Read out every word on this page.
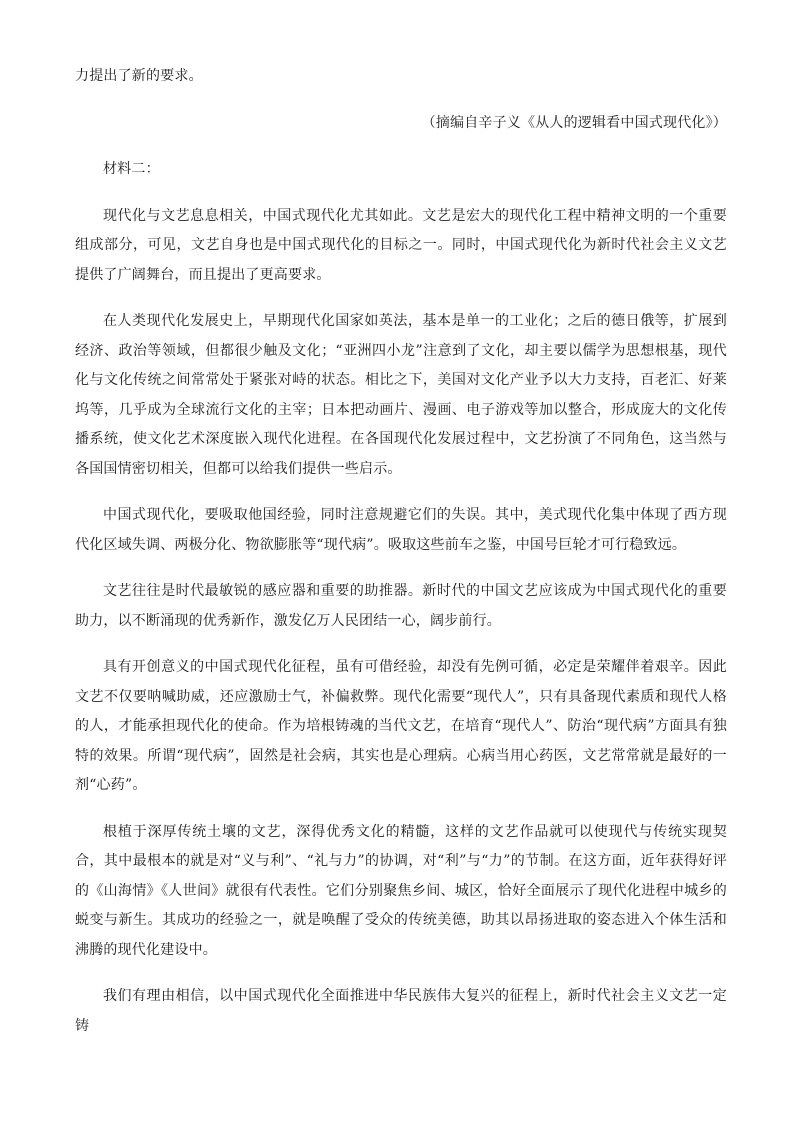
力提出了新的要求。

（摘编自辛子义《从人的逻辑看中国式现代化》）

材料二：

现代化与文艺息息相关，中国式现代化尤其如此。文艺是宏大的现代化工程中精神文明的一个重要组成部分，可见，文艺自身也是中国式现代化的目标之一。同时，中国式现代化为新时代社会主义文艺提供了广阔舞台，而且提出了更高要求。

在人类现代化发展史上，早期现代化国家如英法，基本是单一的工业化；之后的德日俄等，扩展到经济、政治等领域，但都很少触及文化；“亚洲四小龙”注意到了文化，却主要以儒学为思想根基，现代化与文化传统之间常常处于紧张对峙的状态。相比之下，美国对文化产业予以大力支持，百老汇、好莱坞等，几乎成为全球流行文化的主宰；日本把动画片、漫画、电子游戏等加以整合，形成庞大的文化传播系统，使文化艺术深度嵌入现代化进程。在各国现代化发展过程中，文艺扮演了不同角色，这当然与各国国情密切相关，但都可以给我们提供一些启示。

中国式现代化，要吸取他国经验，同时注意规避它们的失误。其中，美式现代化集中体现了西方现代化区域失调、两极分化、物欲膨胀等“现代病”。吸取这些前车之鉴，中国号巨轮才可行稳致远。

文艺往往是时代最敏锐的感应器和重要的助推器。新时代的中国文艺应该成为中国式现代化的重要助力，以不断涌现的优秀新作，激发亿万人民团结一心，阔步前行。

具有开创意义的中国式现代化征程，虽有可借经验，却没有先例可循，必定是荣耀伴着艰辛。因此文艺不仅要呐喊助威，还应激励士气，补偏救弊。现代化需要“现代人”，只有具备现代素质和现代人格的人，才能承担现代化的使命。作为培根铸魂的当代文艺，在培育“现代人”、防治“现代病”方面具有独特的效果。所谓“现代病”，固然是社会病，其实也是心理病。心病当用心药医，文艺常常就是最好的一剂“心药”。

根植于深厚传统土壤的文艺，深得优秀文化的精髓，这样的文艺作品就可以使现代与传统实现契合，其中最根本的就是对“义与利”、“礼与力”的协调，对“利”与“力”的节制。在这方面，近年获得好评的《山海情》《人世间》就很有代表性。它们分别聚焦乡间、城区，恰好全面展示了现代化进程中城乡的蜕变与新生。其成功的经验之一，就是唤醒了受众的传统美德，助其以昂扬进取的姿态进入个体生活和沸腾的现代化建设中。

我们有理由相信，以中国式现代化全面推进中华民族伟大复兴的征程上，新时代社会主义文艺一定铸
